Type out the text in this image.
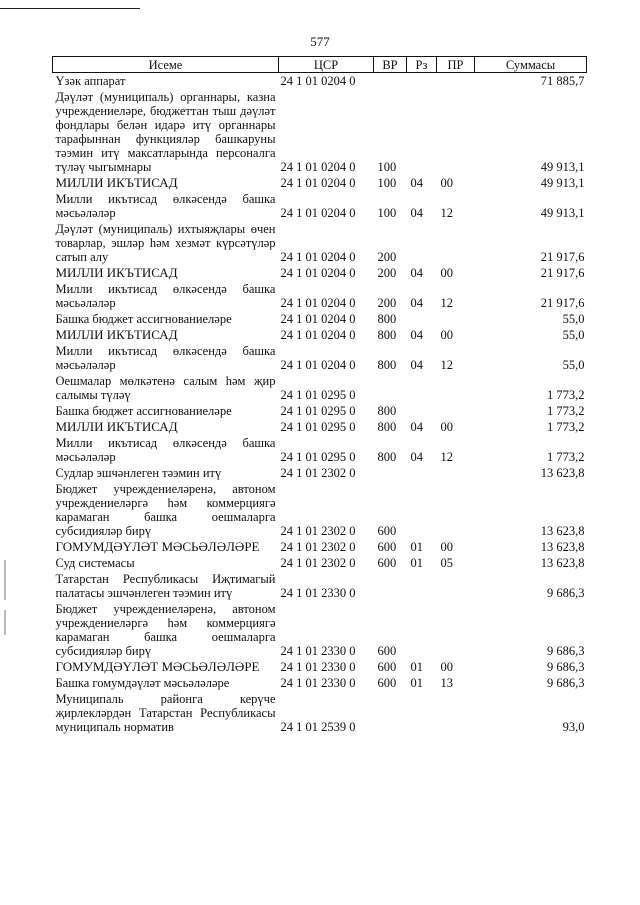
577
Исеме	ЦСР	ВР	Рз	ПР	Суммасы
Үзәк аппарат	24 1 01 0204 0				71 885,7
Дәүләт (муниципаль) органнары, казна учреждениеләре, бюджеттан тыш дәүләт фондлары белән идарә итү органнары тарафыннан функцияләр башкаруны тәэмин итү максатларында персоналга түләү чыгымнары	24 1 01 0204 0	100			49 913,1
МИЛЛИ ИКЪТИСАД	24 1 01 0204 0	100	04	00	49 913,1
Милли икътисад өлкәсендә башка мәсьәләләр	24 1 01 0204 0	100	04	12	49 913,1
Дәүләт (муниципаль) ихтыяҗлары өчен товарлар, эшләр һәм хезмәт күрсәтүләр сатып алу	24 1 01 0204 0	200			21 917,6
МИЛЛИ ИКЪТИСАД	24 1 01 0204 0	200	04	00	21 917,6
Милли икътисад өлкәсендә башка мәсьәләләр	24 1 01 0204 0	200	04	12	21 917,6
Башка бюджет ассигнованиеләре	24 1 01 0204 0	800			55,0
МИЛЛИ ИКЪТИСАД	24 1 01 0204 0	800	04	00	55,0
Милли икътисад өлкәсендә башка мәсьәләләр	24 1 01 0204 0	800	04	12	55,0
Оешмалар мөлкәтенә салым һәм җир салымы түләү	24 1 01 0295 0				1 773,2
Башка бюджет ассигнованиеләре	24 1 01 0295 0	800			1 773,2
МИЛЛИ ИКЪТИСАД	24 1 01 0295 0	800	04	00	1 773,2
Милли икътисад өлкәсендә башка мәсьәләләр	24 1 01 0295 0	800	04	12	1 773,2
Судлар эшчәнлеген тәэмин итү	24 1 01 2302 0				13 623,8
Бюджет учреждениеләренә, автоном учреждениеләргә һәм коммерциягә карамаган башка оешмаларга субсидияләр бирү	24 1 01 2302 0	600			13 623,8
ГОМУМДӘҮЛӘТ МӘСЬӘЛӘЛӘРЕ	24 1 01 2302 0	600	01	00	13 623,8
Суд системасы	24 1 01 2302 0	600	01	05	13 623,8
Татарстан Республикасы Иҗтимагый палатасы эшчәнлеген тәэмин итү	24 1 01 2330 0				9 686,3
Бюджет учреждениеләренә, автоном учреждениеләргә һәм коммерциягә карамаган башка оешмаларга субсидияләр бирү	24 1 01 2330 0	600			9 686,3
ГОМУМДӘҮЛӘТ МӘСЬӘЛӘЛӘРЕ	24 1 01 2330 0	600	01	00	9 686,3
Башка гомумдәүләт мәсьәләләре	24 1 01 2330 0	600	01	13	9 686,3
Муниципаль районга керүче җирлекләрдән Татарстан Республикасы муниципаль норматив	24 1 01 2539 0				93,0
